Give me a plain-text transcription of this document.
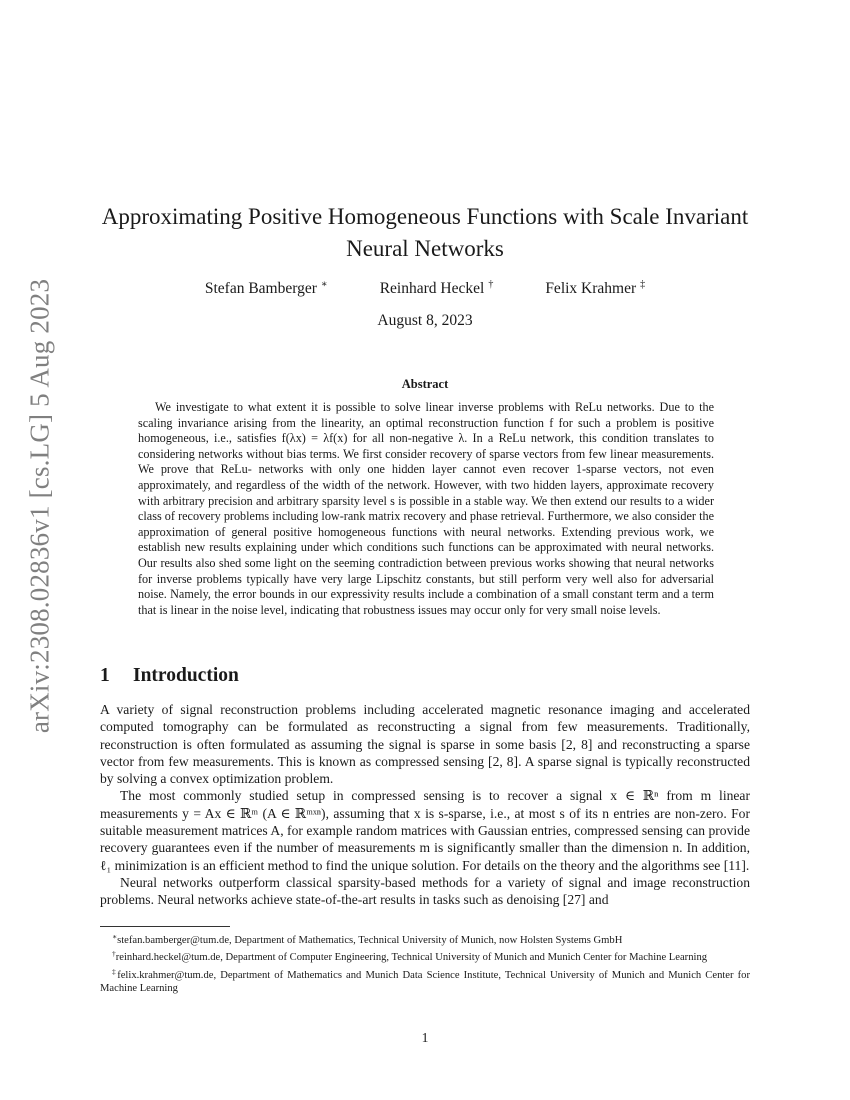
arXiv:2308.02836v1 [cs.LG] 5 Aug 2023
Approximating Positive Homogeneous Functions with Scale Invariant Neural Networks
Stefan Bamberger ∗	Reinhard Heckel †	Felix Krahmer ‡
August 8, 2023
Abstract

We investigate to what extent it is possible to solve linear inverse problems with ReLu networks. Due to the scaling invariance arising from the linearity, an optimal reconstruction function f for such a problem is positive homogeneous, i.e., satisfies f(λx) = λf(x) for all non-negative λ. In a ReLu network, this condition translates to considering networks without bias terms. We first consider recovery of sparse vectors from few linear measurements. We prove that ReLu- networks with only one hidden layer cannot even recover 1-sparse vectors, not even approximately, and regardless of the width of the network. However, with two hidden layers, approximate recovery with arbitrary precision and arbitrary sparsity level s is possible in a stable way. We then extend our results to a wider class of recovery problems including low-rank matrix recovery and phase retrieval. Furthermore, we also consider the approximation of general positive homogeneous functions with neural networks. Extending previous work, we establish new results explaining under which conditions such functions can be approximated with neural networks. Our results also shed some light on the seeming contradiction between previous works showing that neural networks for inverse problems typically have very large Lipschitz constants, but still perform very well also for adversarial noise. Namely, the error bounds in our expressivity results include a combination of a small constant term and a term that is linear in the noise level, indicating that robustness issues may occur only for very small noise levels.

1 Introduction

A variety of signal reconstruction problems including accelerated magnetic resonance imaging and accelerated computed tomography can be formulated as reconstructing a signal from few measurements. Traditionally, reconstruction is often formulated as assuming the signal is sparse in some basis [2, 8] and reconstructing a sparse vector from few measurements. This is known as compressed sensing [2, 8]. A sparse signal is typically reconstructed by solving a convex optimization problem.

The most commonly studied setup in compressed sensing is to recover a signal x ∈ ℝⁿ from m linear measurements y = Ax ∈ ℝᵐ (A ∈ ℝᵐˣⁿ), assuming that x is s-sparse, i.e., at most s of its n entries are non-zero. For suitable measurement matrices A, for example random matrices with Gaussian entries, compressed sensing can provide recovery guarantees even if the number of measurements m is significantly smaller than the dimension n. In addition, ℓ₁ minimization is an efficient method to find the unique solution. For details on the theory and the algorithms see [11].

Neural networks outperform classical sparsity-based methods for a variety of signal and image reconstruction problems. Neural networks achieve state-of-the-art results in tasks such as denoising [27] and

∗stefan.bamberger@tum.de, Department of Mathematics, Technical University of Munich, now Holsten Systems GmbH

†reinhard.heckel@tum.de, Department of Computer Engineering, Technical University of Munich and Munich Center for Machine Learning

‡felix.krahmer@tum.de, Department of Mathematics and Munich Data Science Institute, Technical University of Munich and Munich Center for Machine Learning

1
